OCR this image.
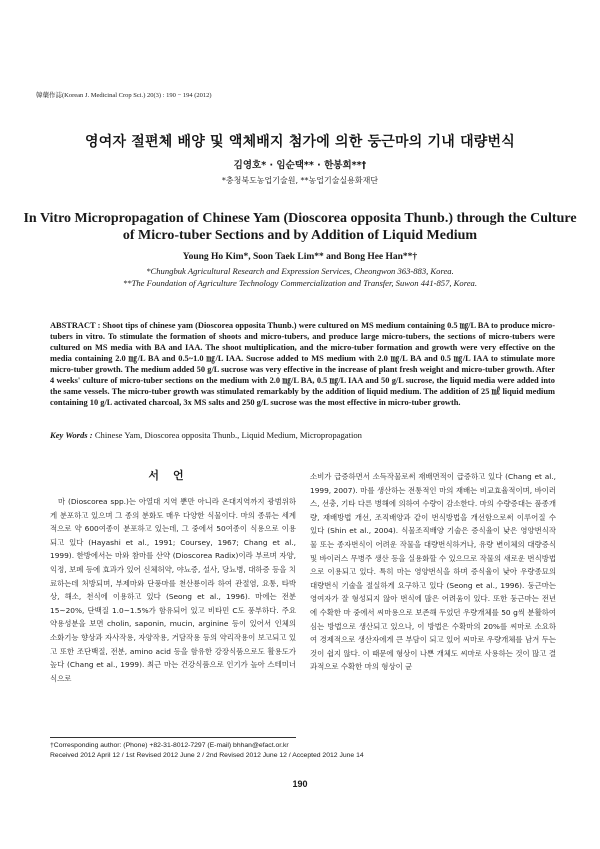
韓藥作誌(Korean J. Medicinal Crop Sci.) 20(3) : 190 − 194 (2012)
영여자 절편체 배양 및 액체배지 첨가에 의한 둥근마의 기내 대량번식
김영호* · 임순택** · 한봉희**†
*충청북도농업기술원, **농업기술실용화재단
In Vitro Micropropagation of Chinese Yam (Dioscorea opposita Thunb.) through the Culture of Micro-tuber Sections and by Addition of Liquid Medium
Young Ho Kim*, Soon Taek Lim** and Bong Hee Han**†
*Chungbuk Agricultural Research and Expression Services, Cheongwon 363-883, Korea.
**The Foundation of Agriculture Technology Commercialization and Transfer, Suwon 441-857, Korea.
ABSTRACT : Shoot tips of chinese yam (Dioscorea opposita Thunb.) were cultured on MS medium containing 0.5 ㎎/L BA to produce micro-tubers in vitro. To stimulate the formation of shoots and micro-tubers, and produce large micro-tubers, the sections of micro-tubers were cultured on MS media with BA and IAA. The shoot multiplication, and the micro-tuber formation and growth were very effective on the media containing 2.0 ㎎/L BA and 0.5~1.0 ㎎/L IAA. Sucrose added to MS medium with 2.0 ㎎/L BA and 0.5 ㎎/L IAA to stimulate more micro-tuber growth. The medium added 50 g/L sucrose was very effective in the increase of plant fresh weight and micro-tuber growth. After 4 weeks' culture of micro-tuber sections on the medium with 2.0 ㎎/L BA, 0.5 ㎎/L IAA and 50 g/L sucrose, the liquid media were added into the same vessels. The micro-tuber growth was stimulated remarkably by the addition of liquid medium. The addition of 25 ㎖ liquid medium containing 10 g/L activated charcoal, 3x MS salts and 250 g/L sucrose was the most effective in micro-tuber growth.
Key Words : Chinese Yam, Dioscorea opposita Thunb., Liquid Medium, Micropropagation
서언
마 (Dioscorea spp.)는 아열대 지역 뿐만 아니라 온대지역까지 광범위하게 분포하고 있으며 그 종의 분화도 매우 다양한 식물이다. 마의 종류는 세계적으로 약 600여종이 분포하고 있는데, 그 중에서 50여종이 식용으로 이용되고 있다 (Hayashi et al., 1991; Coursey, 1967; Chang et al., 1999). 한방에서는 마와 참마를 산약 (Dioscorea Radix)이라 부르며 자양, 익정, 보폐 등에 효과가 있어 신체허약, 야뇨증, 설사, 당뇨병, 대하증 등을 치료하는데 처방되며, 부제마와 단풍마를 천산룡이라 하여 관절염, 요통, 타박상, 해소, 천식에 이용하고 있다 (Seong et al., 1996). 마에는 전분 15~20%, 단백질 1.0~1.5%가 함유되어 있고 비타민 C도 풍부하다. 주요 약용성분을 보면 cholin, saponin, mucin, arginine 등이 있어서 인체의 소화기능 향상과 자사작용, 자양작용, 거담작용 등의 약리작용이 보고되고 있고 또한 조단백질, 전분, amino acid 등을 함유한 강장식품으로도 활용도가 높다 (Chang et al., 1999). 최근 마는 건강식품으로 인기가 높아 스테미너식으로
소비가 급증하면서 소득작물로써 재배면적이 급증하고 있다 (Chang et al., 1999, 2007). 마를 생산하는 전통적인 마의 재배는 비교효율적이며, 바이러스, 선충, 기타 다른 병해에 의하여 수량이 감소한다. 마의 수량증대는 품종개량, 재배방법 개선, 조직배양과 같이 번식방법을 개선함으로써 이루어질 수 있다 (Shin et al., 2004). 식물조직배양 기술은 증식율이 낮은 영양번식작물 또는 종자번식이 어려운 작물을 대량번식하거나, 유량 변이체의 대량증식 및 바이러스 무병주 생산 등을 실용화할 수 있으므로 작물의 새로운 번식방법으로 이용되고 있다. 특히 마는 영양번식을 하며 증식율이 낮아 우량종묘의 대량번식 기술을 절실하게 요구하고 있다 (Seong et al., 1996). 둥근마는 영여자가 잘 형성되지 않아 번식에 많은 어려움이 있다. 또한 둥근마는 전년에 수확한 마 중에서 씨마용으로 보존해 두었던 우량개체를 50 g씩 분활하여 심는 방법으로 생산되고 있으나, 이 방법은 수확마의 20%를 씨마로 소요하여 경제적으로 생산자에게 큰 부담이 되고 있어 씨마로 우량개체를 남겨 두는 것이 쉽지 않다. 이 때문에 형상이 나쁜 개체도 씨마로 사용하는 것이 많고 결과적으로 수확한 마의 형상이 균
†Corresponding author: (Phone) +82-31-8012-7297 (E-mail) bhhan@efact.or.kr
Received 2012 April 12 / 1st Revised 2012 June 2 / 2nd Revised 2012 June 12 / Accepted 2012 June 14
190
